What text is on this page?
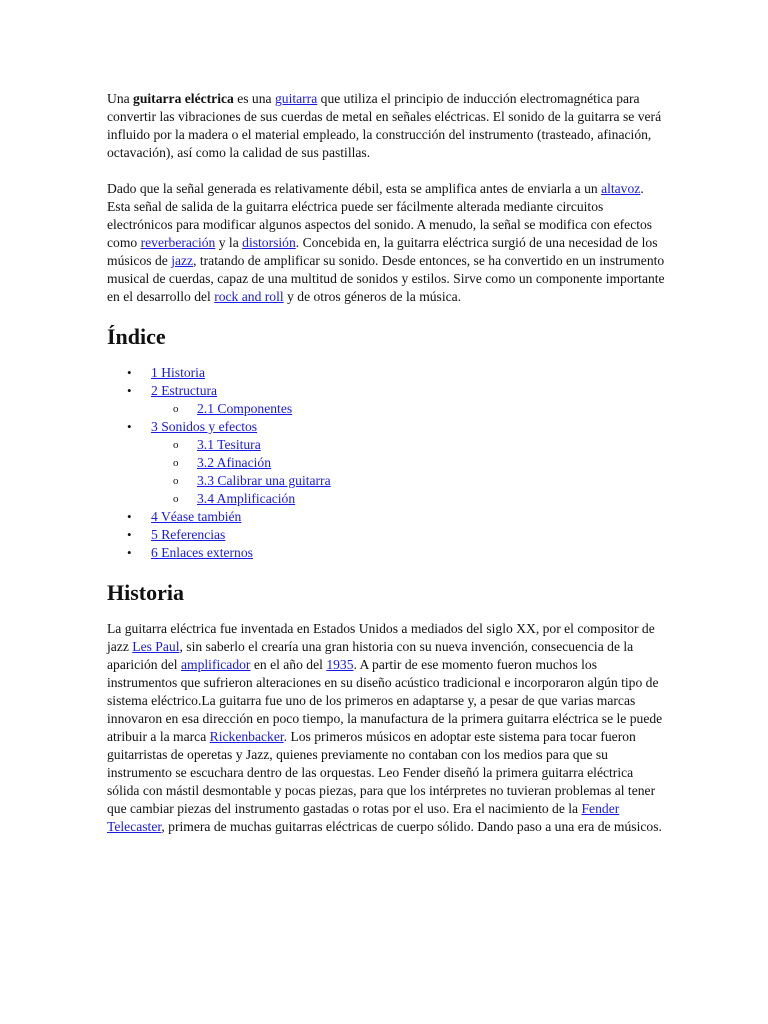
Una guitarra eléctrica es una guitarra que utiliza el principio de inducción electromagnética para convertir las vibraciones de sus cuerdas de metal en señales eléctricas. El sonido de la guitarra se verá influido por la madera o el material empleado, la construcción del instrumento (trasteado, afinación, octavación), así como la calidad de sus pastillas.

Dado que la señal generada es relativamente débil, esta se amplifica antes de enviarla a un altavoz. Esta señal de salida de la guitarra eléctrica puede ser fácilmente alterada mediante circuitos electrónicos para modificar algunos aspectos del sonido. A menudo, la señal se modifica con efectos como reverberación y la distorsión. Concebida en, la guitarra eléctrica surgió de una necesidad de los músicos de jazz, tratando de amplificar su sonido. Desde entonces, se ha convertido en un instrumento musical de cuerdas, capaz de una multitud de sonidos y estilos. Sirve como un componente importante en el desarrollo del rock and roll y de otros géneros de la música.

Índice
• 1 Historia
• 2 Estructura
o 2.1 Componentes
• 3 Sonidos y efectos
o 3.1 Tesitura
o 3.2 Afinación
o 3.3 Calibrar una guitarra
o 3.4 Amplificación
• 4 Véase también
• 5 Referencias
• 6 Enlaces externos
Historia

La guitarra eléctrica fue inventada en Estados Unidos a mediados del siglo XX, por el compositor de jazz Les Paul, sin saberlo el crearía una gran historia con su nueva invención, consecuencia de la aparición del amplificador en el año del 1935. A partir de ese momento fueron muchos los instrumentos que sufrieron alteraciones en su diseño acústico tradicional e incorporaron algún tipo de sistema eléctrico.La guitarra fue uno de los primeros en adaptarse y, a pesar de que varias marcas innovaron en esa dirección en poco tiempo, la manufactura de la primera guitarra eléctrica se le puede atribuir a la marca Rickenbacker. Los primeros músicos en adoptar este sistema para tocar fueron guitarristas de operetas y Jazz, quienes previamente no contaban con los medios para que su instrumento se escuchara dentro de las orquestas. Leo Fender diseñó la primera guitarra eléctrica sólida con mástil desmontable y pocas piezas, para que los intérpretes no tuvieran problemas al tener que cambiar piezas del instrumento gastadas o rotas por el uso. Era el nacimiento de la Fender Telecaster, primera de muchas guitarras eléctricas de cuerpo sólido. Dando paso a una era de músicos.
